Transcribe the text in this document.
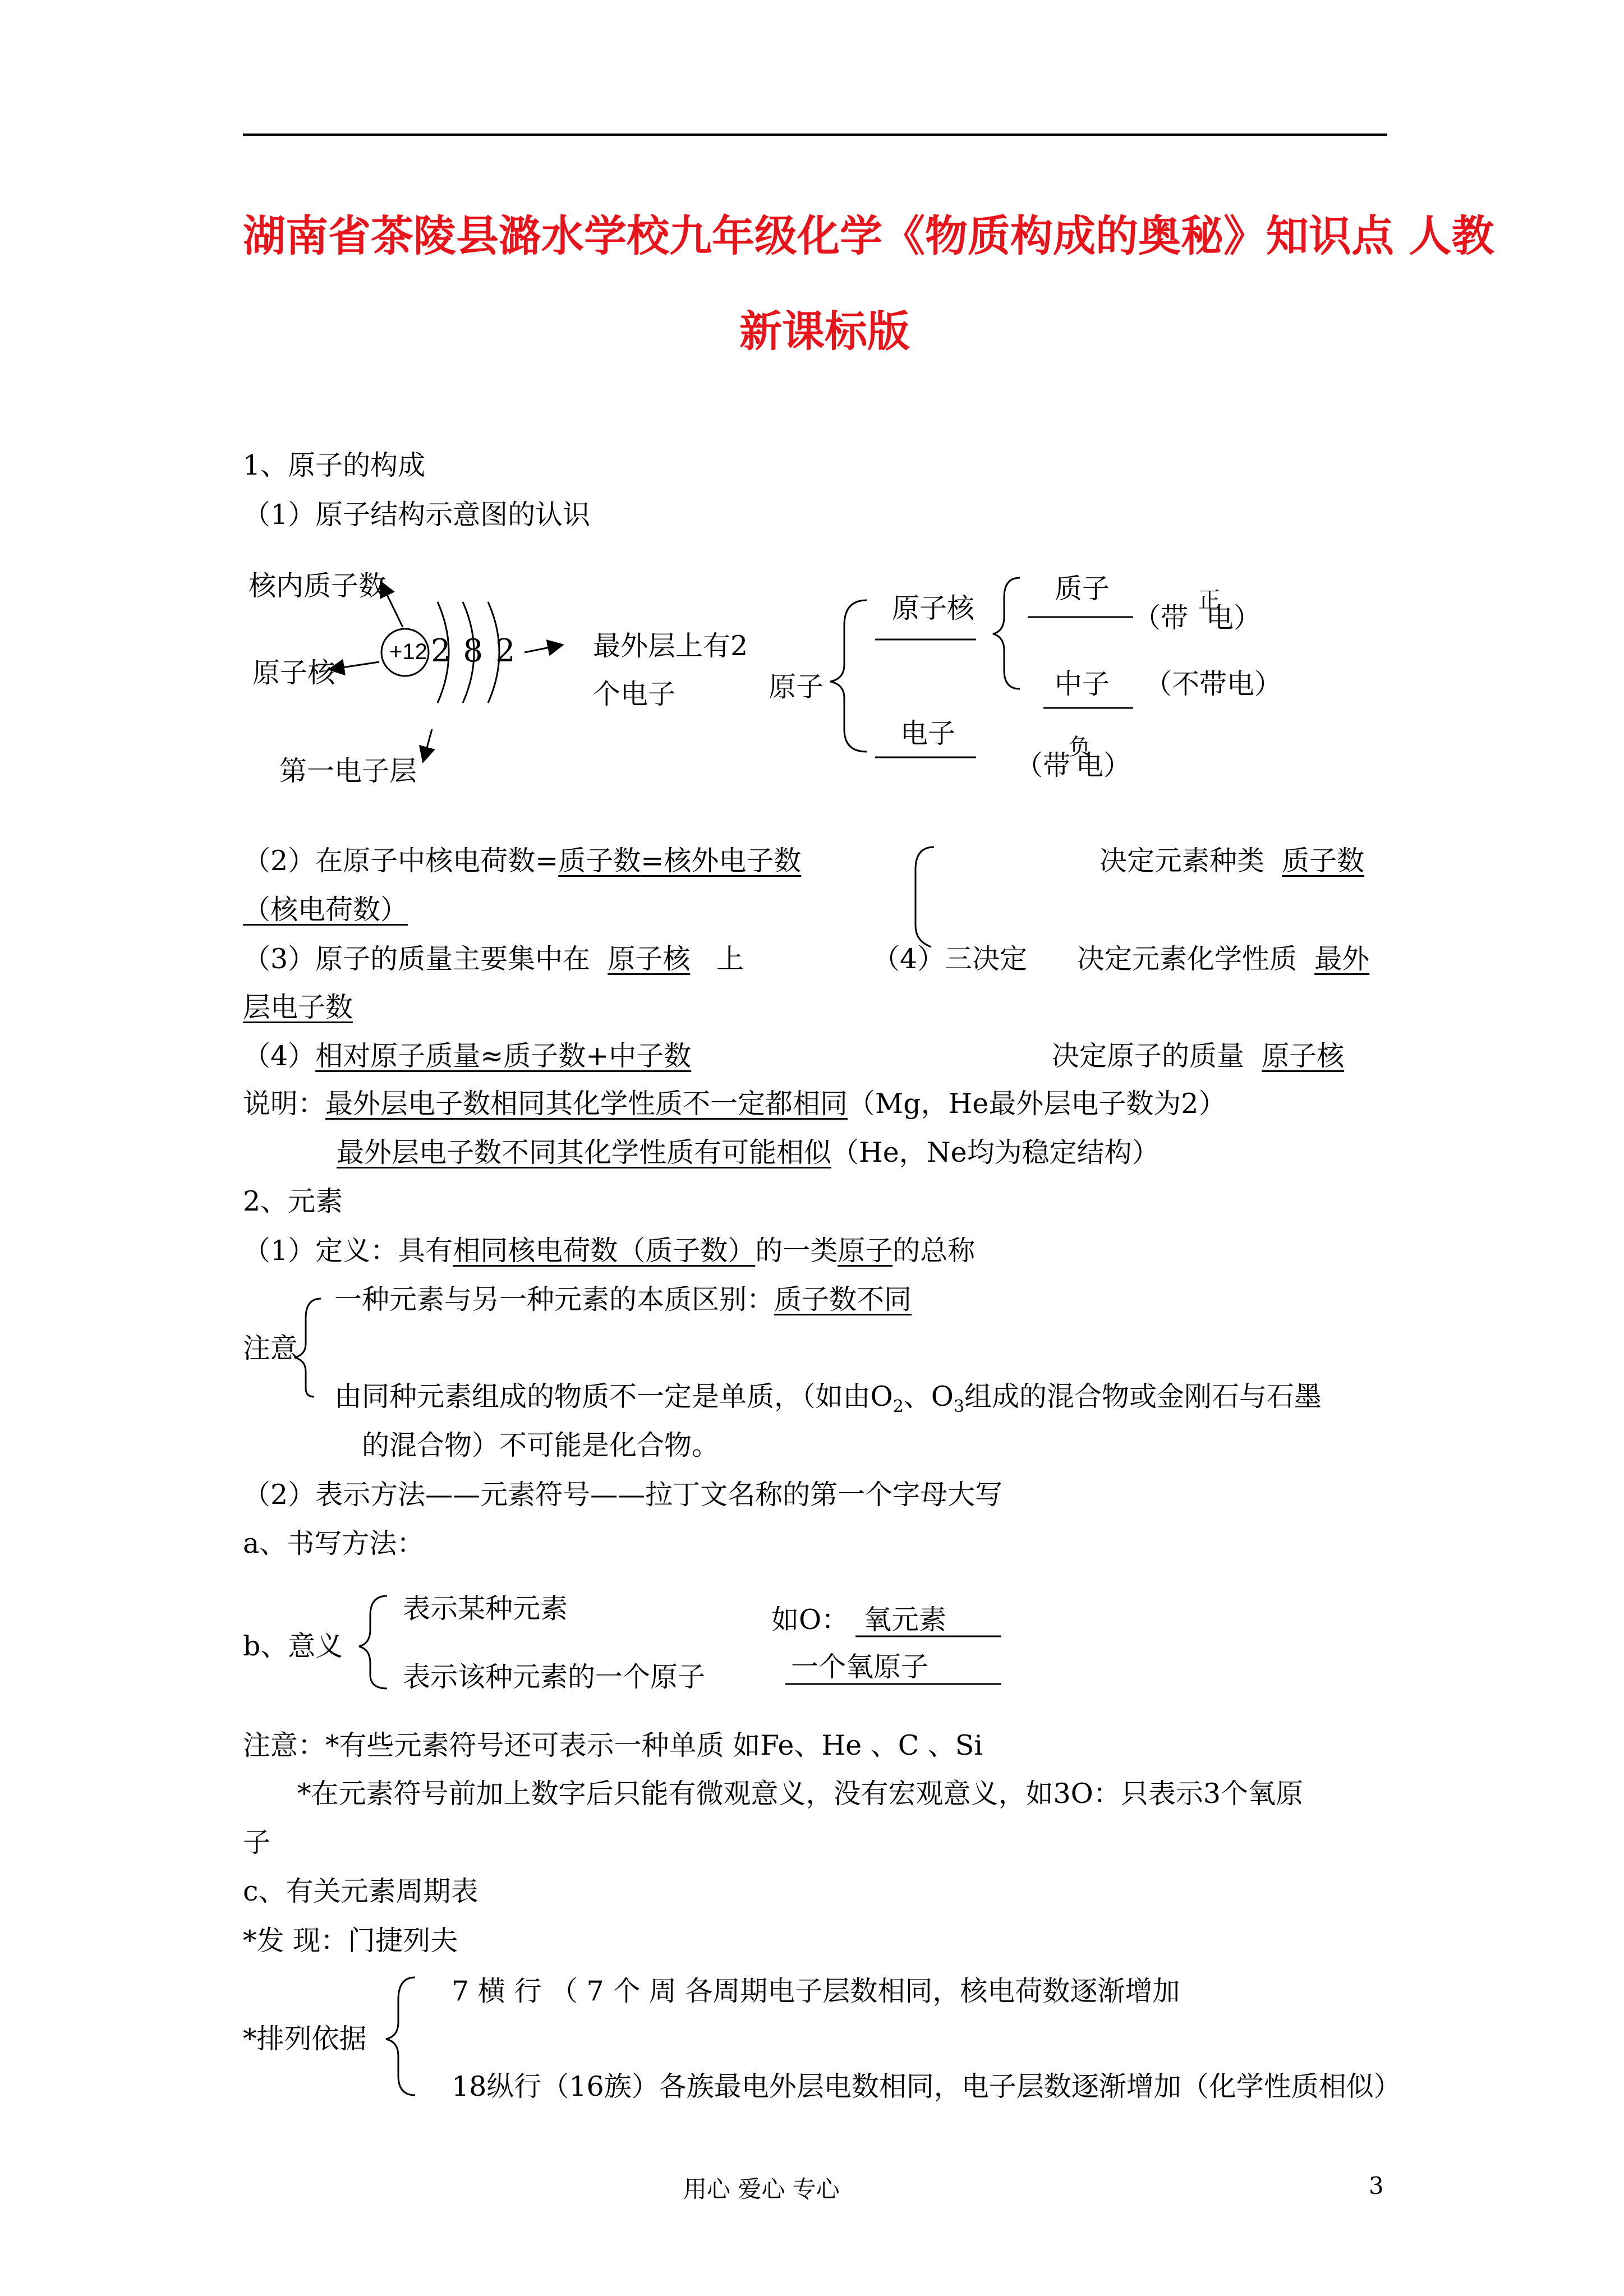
湖南省茶陵县潞水学校九年级化学《物质构成的奥秘》知识点 人教
新课标版
1、原子的构成
（1）原子结构示意图的认识
核内质子数
原子核
+12 2 8 2
第一电子层
最外层上有2
个电子	原子
原子核
质子
（带
正
电）
中子 （不带电）
电子
（带
负
电）
（2）在原子中核电荷数=质子数=核外电子数
（核电荷数）
决定元素种类 质子数
（4）三决定 决定元素化学性质 最外
决定原子的质量 原子核
（3）原子的质量主要集中在 原子核 上
层电子数
（4）相对原子质量≈质子数+中子数
说明：最外层电子数相同其化学性质不一定都相同（Mg，He最外层电子数为2）
最外层电子数不同其化学性质有可能相似（He，Ne均为稳定结构）
2、元素
（1）定义：具有相同核电荷数（质子数）的一类原子的总称
一种元素与另一种元素的本质区别：质子数不同
注意
由同种元素组成的物质不一定是单质，（如由$O_2$、$O_3$组成的混合物或金刚石与石墨
的混合物）不可能是化合物。
（2）表示方法——元素符号——拉丁文名称的第一个字母大写
a、书写方法：
表示某种元素
b、意义
表示该种元素的一个原子
如O： 氧元素
一个氧原子
注意：*有些元素符号还可表示一种单质 如Fe、He 、C 、Si
*在元素符号前加上数字后只能有微观意义，没有宏观意义，如3O：只表示3个氧原
子
c、有关元素周期表
*发 现：门捷列夫
7 横 行 （ 7 个 周 各周期电子层数相同，核电荷数逐渐增加
*排列依据
18纵行（16族）各族最电外层电数相同，电子层数逐渐增加（化学性质相似）
用心 爱心 专心	3
